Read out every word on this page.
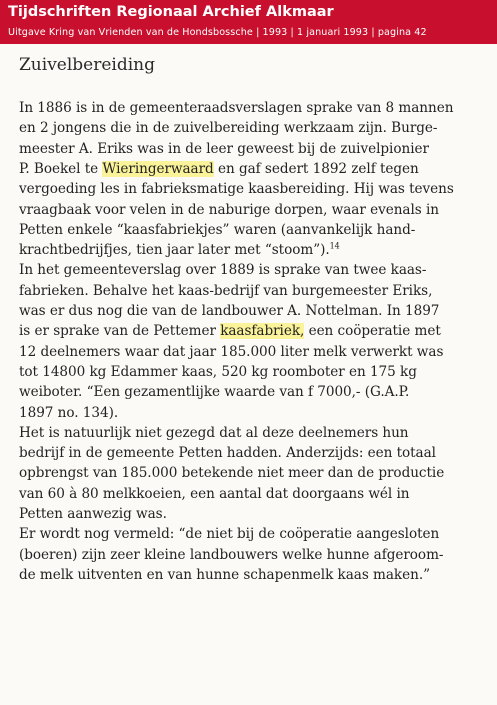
Tijdschriften Regionaal Archief Alkmaar
Uitgave Kring van Vrienden van de Hondsbossche | 1993 | 1 januari 1993 | pagina 42
Zuivelbereiding
In 1886 is in de gemeenteraadsverslagen sprake van 8 mannen
en 2 jongens die in de zuivelbereiding werkzaam zijn. Burge-
meester A. Eriks was in de leer geweest bij de zuivelpionier
P. Boekel te Wieringerwaard en gaf sedert 1892 zelf tegen
vergoeding les in fabrieksmatige kaasbereiding. Hij was tevens
vraagbaak voor velen in de naburige dorpen, waar evenals in
Petten enkele “kaasfabriekjes” waren (aanvankelijk hand-
krachtbedrijfjes, tien jaar later met “stoom”).$^{14}$
In het gemeenteverslag over 1889 is sprake van twee kaas-
fabrieken. Behalve het kaas-bedrijf van burgemeester Eriks,
was er dus nog die van de landbouwer A. Nottelman. In 1897
is er sprake van de Pettemer kaasfabriek, een coöperatie met
12 deelnemers waar dat jaar 185.000 liter melk verwerkt was
tot 14800 kg Edammer kaas, 520 kg roomboter en 175 kg
weiboter. “Een gezamentlijke waarde van f 7000,- (G.A.P.
1897 no. 134).
Het is natuurlijk niet gezegd dat al deze deelnemers hun
bedrijf in de gemeente Petten hadden. Anderzijds: een totaal
opbrengst van 185.000 betekende niet meer dan de productie
van 60 à 80 melkkoeien, een aantal dat doorgaans wél in
Petten aanwezig was.
Er wordt nog vermeld: “de niet bij de coöperatie aangesloten
(boeren) zijn zeer kleine landbouwers welke hunne afgeroom-
de melk uitventen en van hunne schapenmelk kaas maken.”
